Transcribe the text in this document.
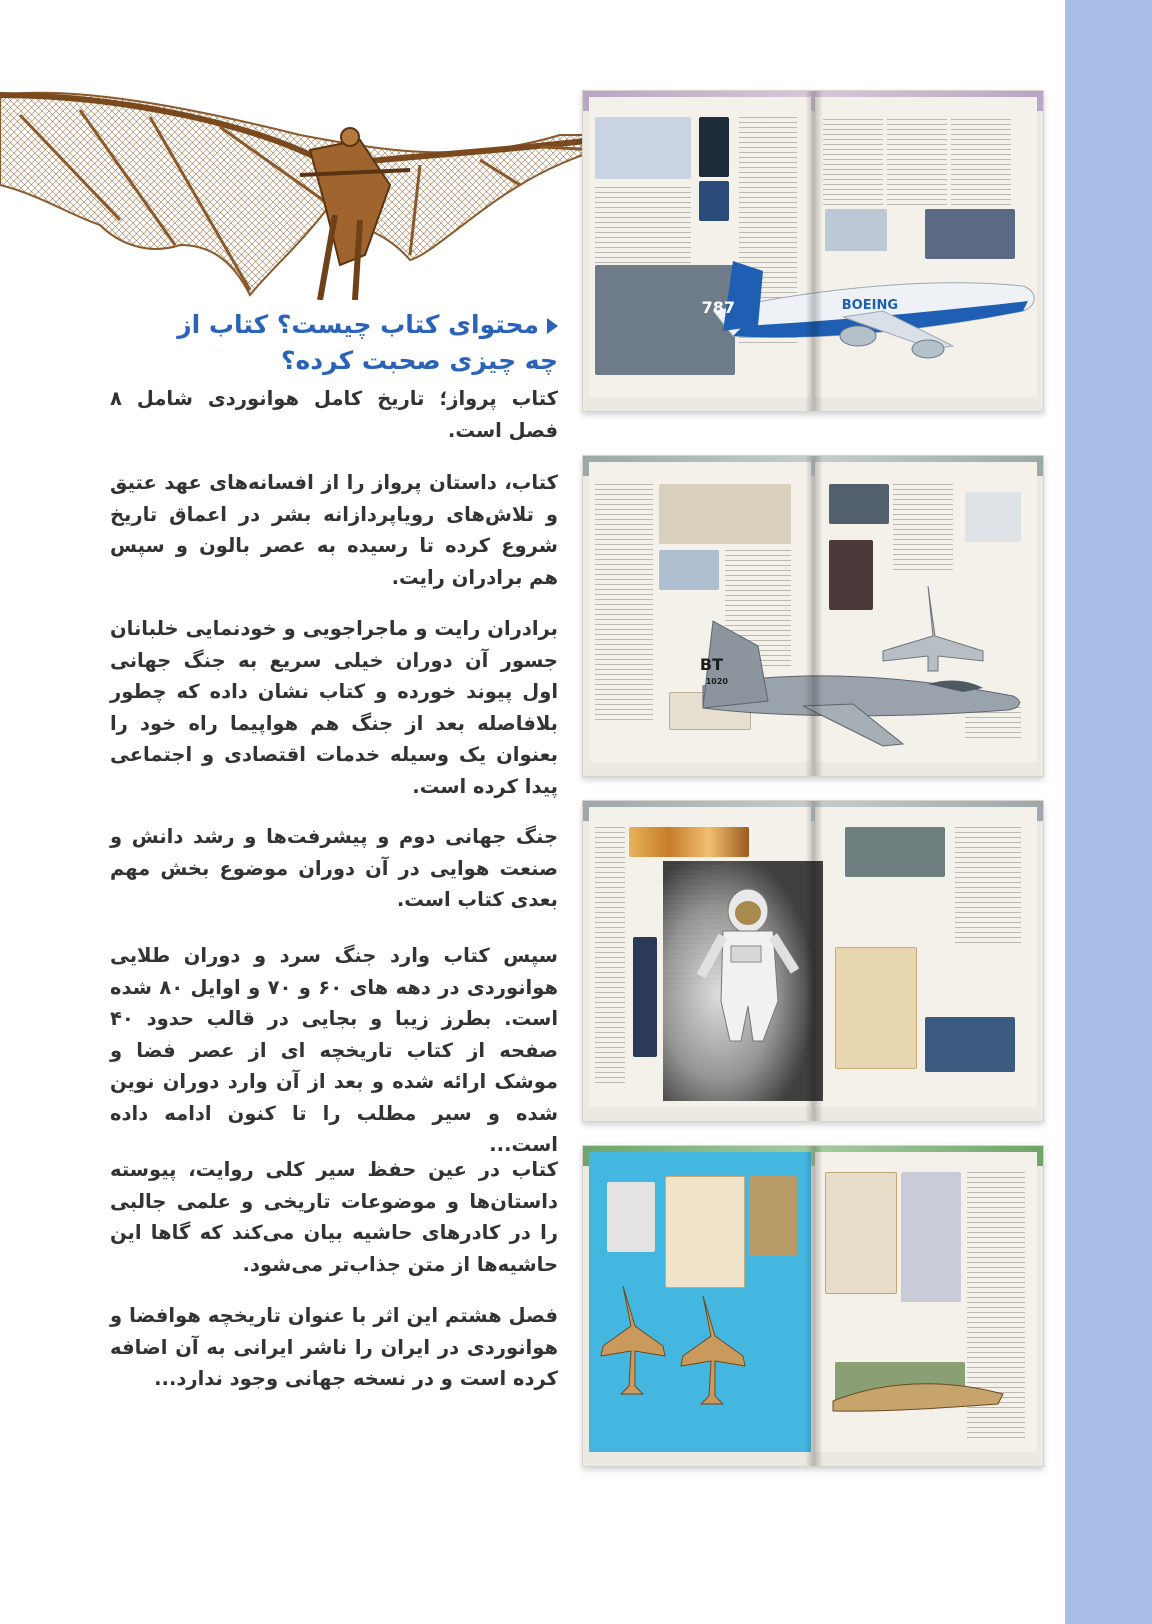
BOEING
787
BT
1020
محتوای کتاب چیست؟ کتاب از چه چیزی صحبت کرده؟

کتاب پرواز؛ تاریخ کامل هوانوردی شامل ۸ فصل است.

کتاب، داستان پرواز را از افسانه‌های عهد عتیق و تلاش‌های رویاپردازانه بشر در اعماق تاریخ شروع کرده تا رسیده به عصر بالون و سپس هم برادران رایت.

برادران رایت و ماجراجویی و خودنمایی خلبانان جسور آن دوران خیلی سریع به جنگ جهانی اول پیوند خورده و کتاب نشان داده که چطور بلافاصله بعد از جنگ هم هواپیما راه خود را بعنوان یک وسیله خدمات اقتصادی و اجتماعی پیدا کرده است.

جنگ جهانی دوم و پیشرفت‌ها و رشد دانش و صنعت هوایی در آن دوران موضوع بخش مهم بعدی کتاب است.

سپس کتاب وارد جنگ سرد و دوران طلایی هوانوردی در دهه های ۶۰ و ۷۰ و اوایل ۸۰ شده است. بطرز زیبا و بجایی در قالب حدود ۴۰ صفحه از کتاب تاریخچه ای از عصر فضا و موشک ارائه شده و بعد از آن وارد دوران نوین شده و سیر مطلب را تا کنون ادامه داده است...

کتاب در عین حفظ سیر کلی روایت، پیوسته داستان‌ها و موضوعات تاریخی و علمی جالبی را در کادرهای حاشیه بیان می‌کند که گاها این حاشیه‌ها از متن جذاب‌تر می‌شود.

فصل هشتم این اثر با عنوان تاریخچه هوافضا و هوانوردی در ایران را ناشر ایرانی به آن اضافه کرده است و در نسخه جهانی وجود ندارد...
